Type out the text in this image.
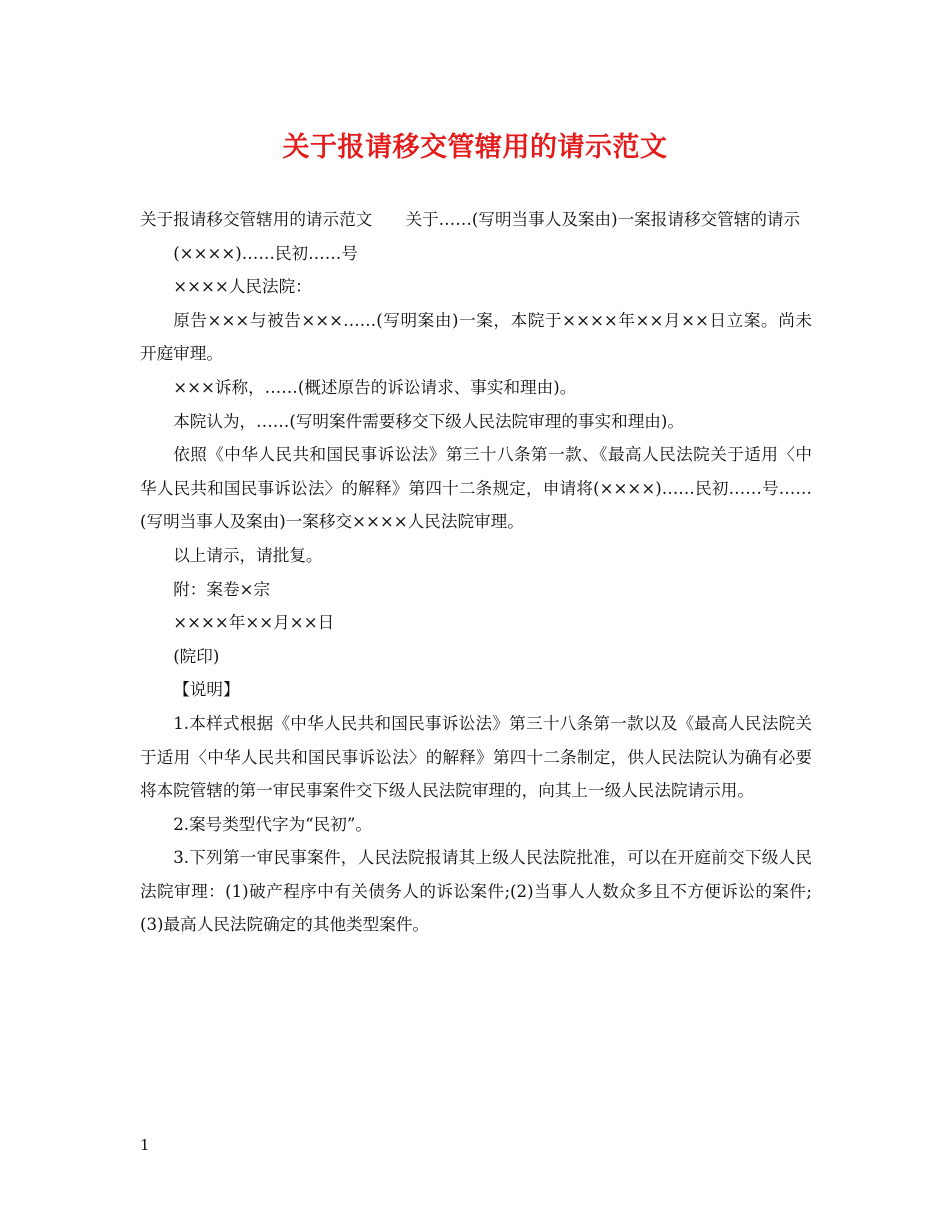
关于报请移交管辖用的请示范文

关于报请移交管辖用的请示范文　　关于……(写明当事人及案由)一案报请移交管辖的请示

(××××)……民初……号

××××人民法院：

原告×××与被告×××……(写明案由)一案，本院于××××年××月××日立案。尚未开庭审理。

×××诉称，……(概述原告的诉讼请求、事实和理由)。

本院认为，……(写明案件需要移交下级人民法院审理的事实和理由)。

依照《中华人民共和国民事诉讼法》第三十八条第一款、《最高人民法院关于适用〈中华人民共和国民事诉讼法〉的解释》第四十二条规定，申请将(××××)……民初……号……(写明当事人及案由)一案移交××××人民法院审理。

以上请示，请批复。

附：案卷×宗

××××年××月××日

(院印)

【说明】

1.本样式根据《中华人民共和国民事诉讼法》第三十八条第一款以及《最高人民法院关于适用〈中华人民共和国民事诉讼法〉的解释》第四十二条制定，供人民法院认为确有必要将本院管辖的第一审民事案件交下级人民法院审理的，向其上一级人民法院请示用。

2.案号类型代字为“民初”。

3.下列第一审民事案件，人民法院报请其上级人民法院批准，可以在开庭前交下级人民法院审理：(1)破产程序中有关债务人的诉讼案件;(2)当事人人数众多且不方便诉讼的案件;(3)最高人民法院确定的其他类型案件。

1
